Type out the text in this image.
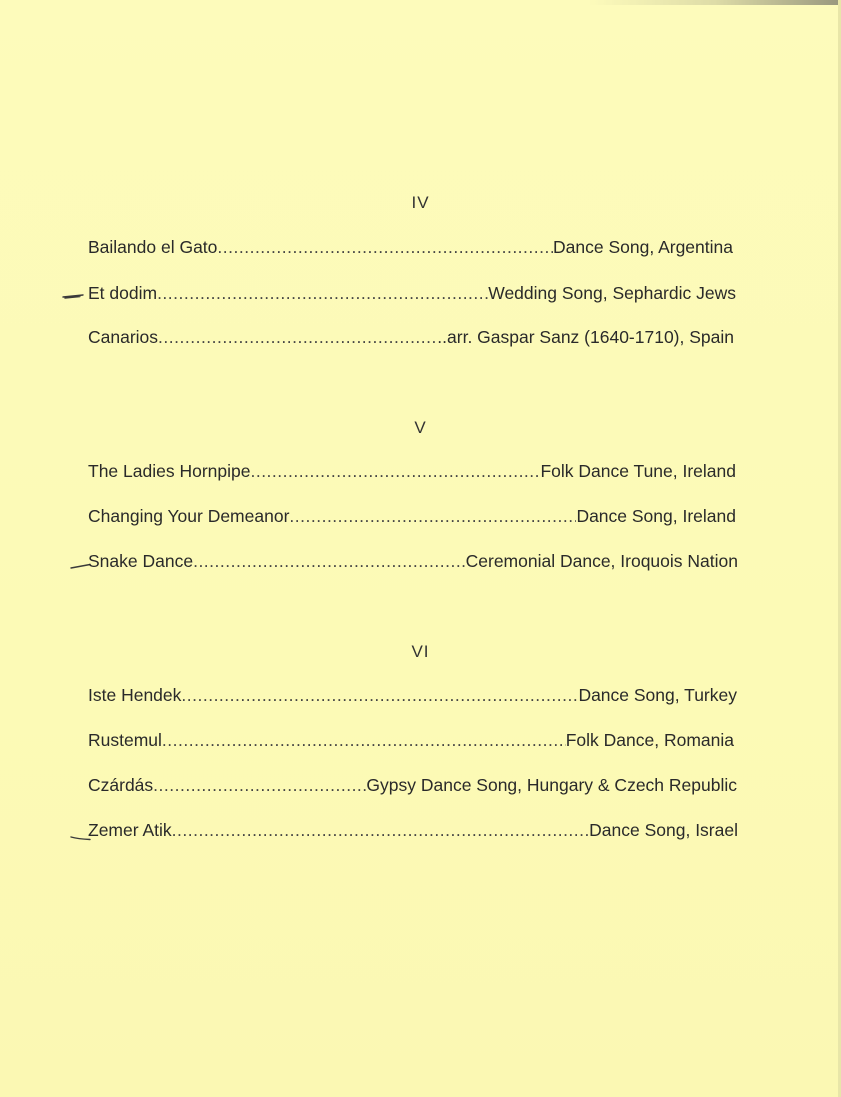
IV
Bailando el Gato .....	Dance Song, Argentina
Et dodim .....	Wedding Song, Sephardic Jews
Canarios .....	..arr. Gaspar Sanz (1640-1710), Spain
V
The Ladies Hornpipe .....	Folk Dance Tune, Ireland
Changing Your Demeanor .....	Dance Song, Ireland
Snake Dance .....	Ceremonial Dance, Iroquois Nation
VI
Iste Hendek .....	Dance Song, Turkey
Rustemul .....	Folk Dance, Romania
Czárdás .....	Gypsy Dance Song, Hungary & Czech Republic
Zemer Atik .....	Dance Song, Israel
